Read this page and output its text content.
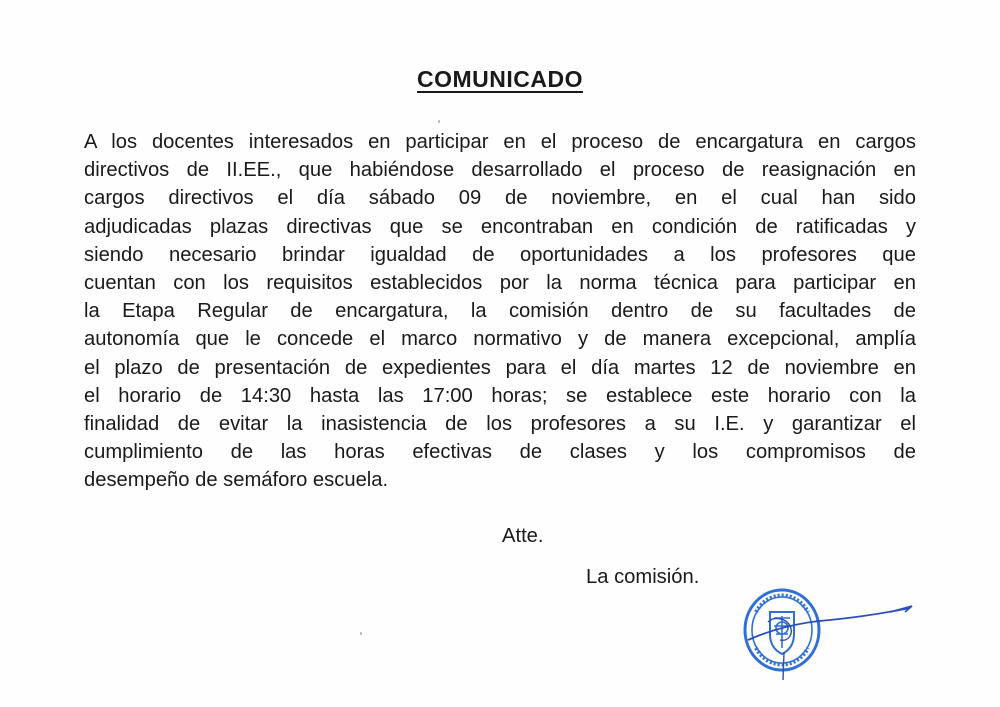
COMUNICADO
A los docentes interesados en participar en el proceso de encargatura en cargos
directivos de II.EE., que habiéndose desarrollado el proceso de reasignación en
cargos directivos el día sábado 09 de noviembre, en el cual han sido
adjudicadas plazas directivas que se encontraban en condición de ratificadas y
siendo necesario brindar igualdad de oportunidades a los profesores que
cuentan con los requisitos establecidos por la norma técnica para participar en
la Etapa Regular de encargatura, la comisión dentro de su facultades de
autonomía que le concede el marco normativo y de manera excepcional, amplía
el plazo de presentación de expedientes para el día martes 12 de noviembre en
el horario de 14:30 hasta las 17:00 horas; se establece este horario con la
finalidad de evitar la inasistencia de los profesores a su I.E. y garantizar el
cumplimiento de las horas efectivas de clases y los compromisos de
desempeño de semáforo escuela.
Atte.
La comisión.
